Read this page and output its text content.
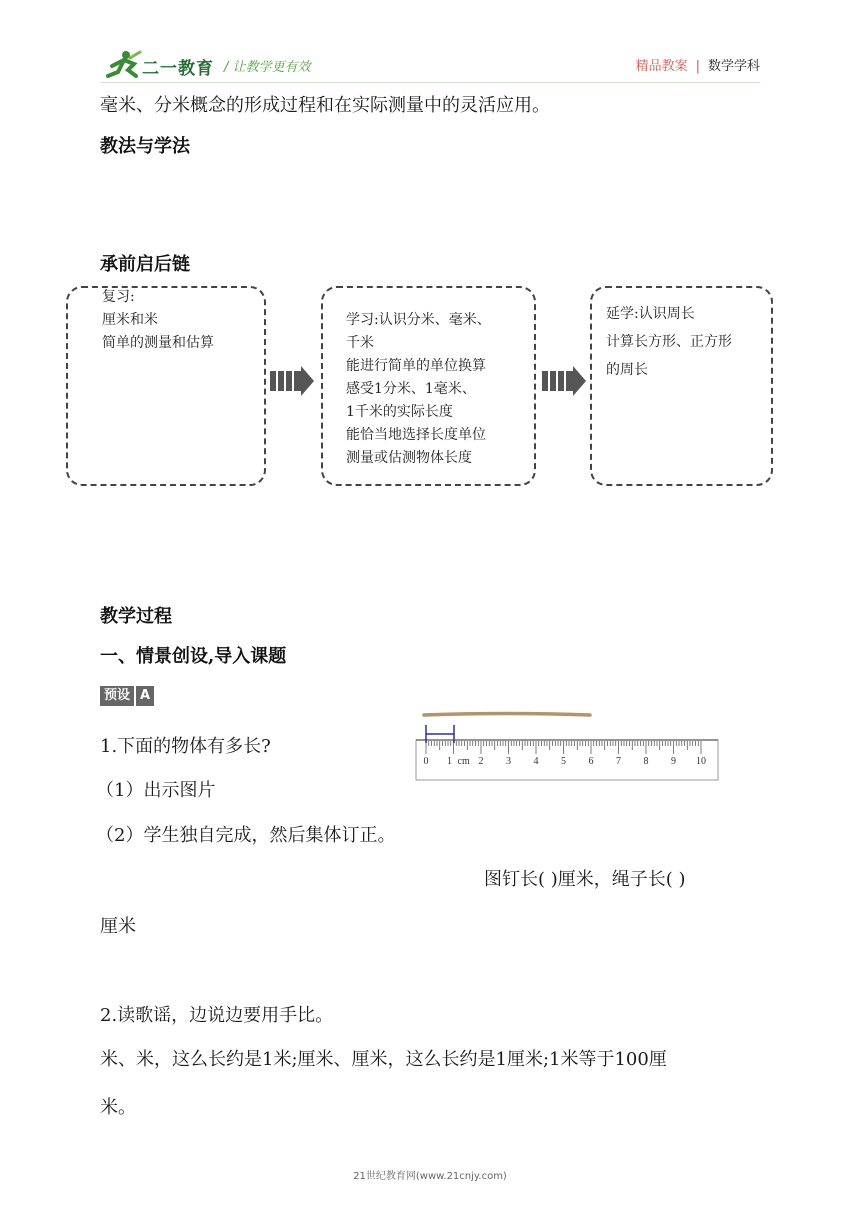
二一教育 / 让教学更有效	精品教案 | 数学学科
毫米、分米概念的形成过程和在实际测量中的灵活应用。
教法与学法
承前启后链
复习:
厘米和米
简单的测量和估算
学习:认识分米、毫米、
千米
能进行简单的单位换算
感受1分米、1毫米、
1千米的实际长度
能恰当地选择长度单位
测量或估测物体长度
延学:认识周长
计算长方形、正方形
的周长
教学过程
一、情景创设,导入课题
预设 A
1.下面的物体有多长?
（1）出示图片
（2）学生独自完成，然后集体订正。
图钉长( )厘米，绳子长( )
厘米
cm
0 1	2 3 4 5 6 7 8 9 10
2.读歌谣，边说边要用手比。
米、米，这么长约是1米;厘米、厘米，这么长约是1厘米;1米等于100厘
米。
21世纪教育网(www.21cnjy.com)
